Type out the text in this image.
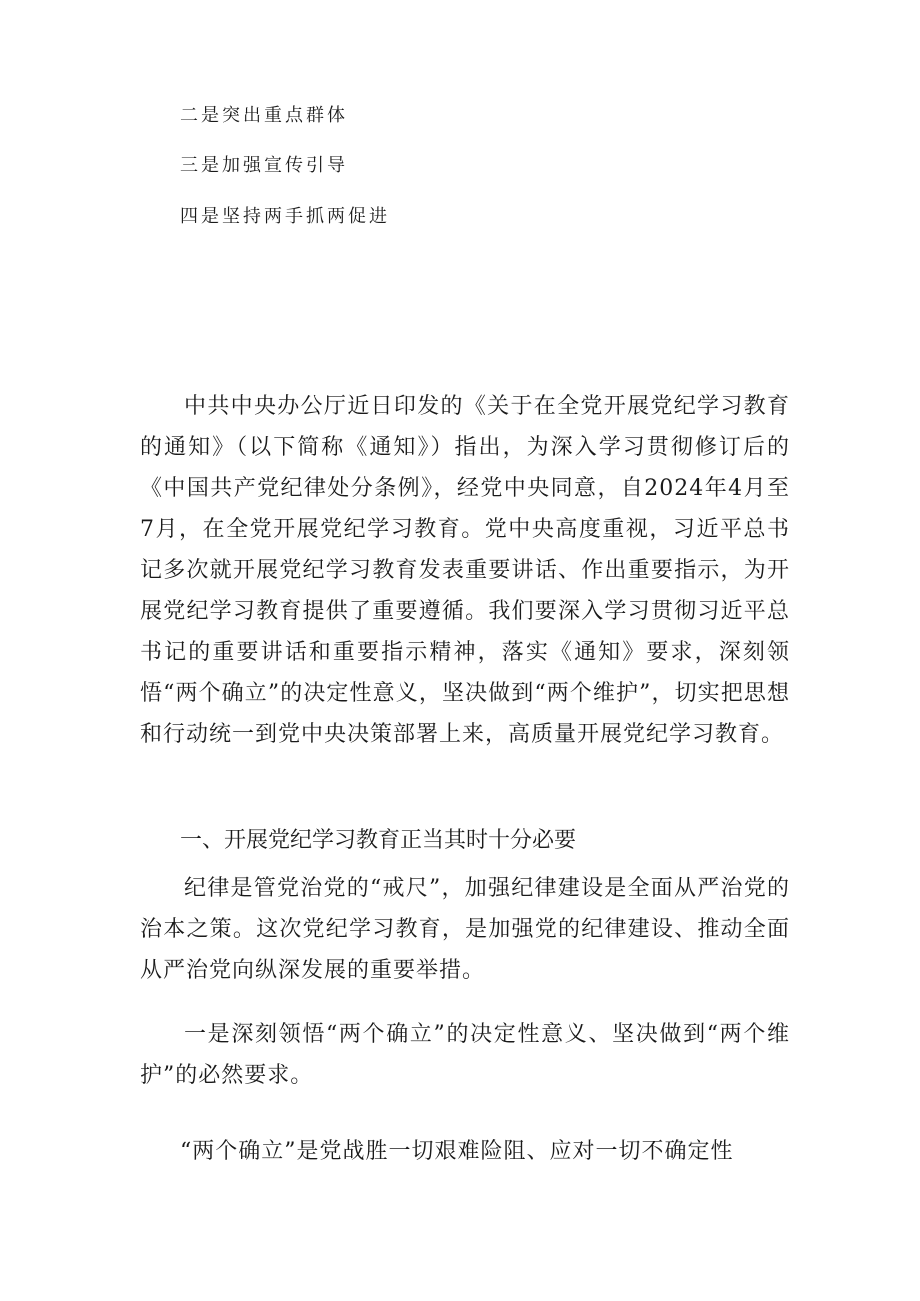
二是突出重点群体
三是加强宣传引导
四是坚持两手抓两促进
中共中央办公厅近日印发的《关于在全党开展党纪学习教育的通知》（以下简称《通知》）指出，为深入学习贯彻修订后的《中国共产党纪律处分条例》，经党中央同意，自2024年4月至7月，在全党开展党纪学习教育。党中央高度重视，习近平总书记多次就开展党纪学习教育发表重要讲话、作出重要指示，为开展党纪学习教育提供了重要遵循。我们要深入学习贯彻习近平总书记的重要讲话和重要指示精神，落实《通知》要求，深刻领悟“两个确立”的决定性意义，坚决做到“两个维护”，切实把思想和行动统一到党中央决策部署上来，高质量开展党纪学习教育。
一、开展党纪学习教育正当其时十分必要
纪律是管党治党的“戒尺”，加强纪律建设是全面从严治党的治本之策。这次党纪学习教育，是加强党的纪律建设、推动全面从严治党向纵深发展的重要举措。
一是深刻领悟“两个确立”的决定性意义、坚决做到“两个维护”的必然要求。
“两个确立”是党战胜一切艰难险阻、应对一切不确定性
